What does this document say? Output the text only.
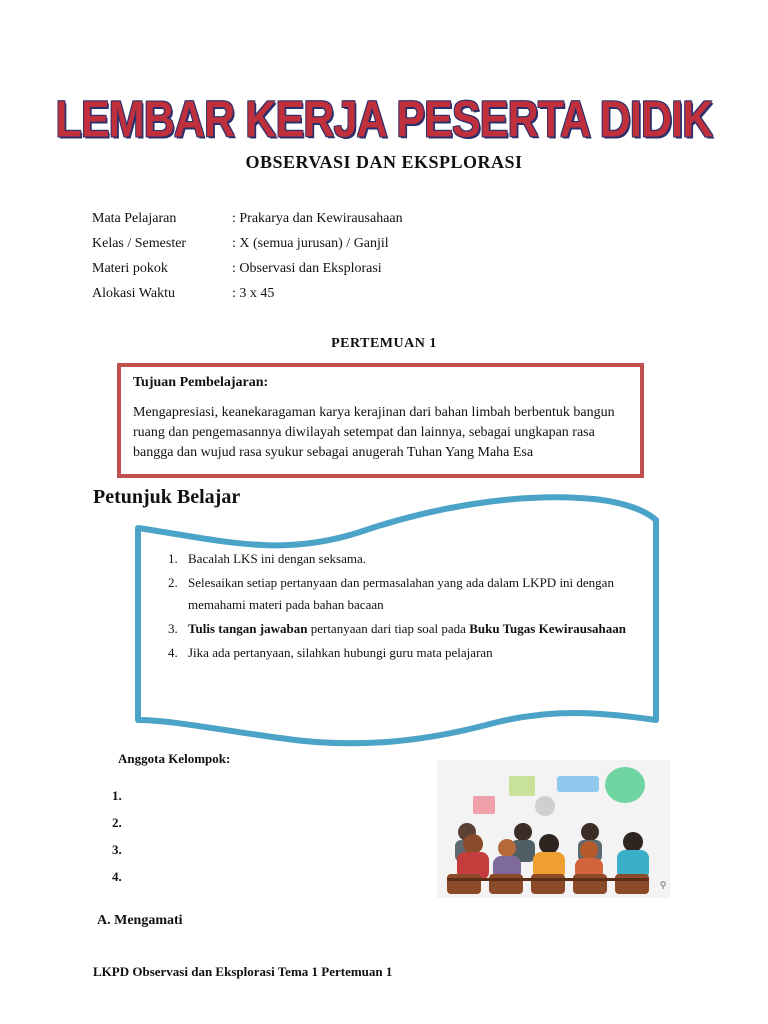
LEMBAR KERJA PESERTA DIDIK
OBSERVASI DAN EKSPLORASI
Mata Pelajaran	: Prakarya dan Kewirausahaan
Kelas / Semester	: X (semua jurusan) / Ganjil
Materi pokok	: Observasi dan Eksplorasi
Alokasi Waktu	: 3 x 45
PERTEMUAN 1
Tujuan Pembelajaran:
Mengapresiasi, keanekaragaman karya kerajinan dari bahan limbah berbentuk bangun ruang dan pengemasannya diwilayah setempat dan lainnya, sebagai ungkapan rasa bangga dan wujud rasa syukur sebagai anugerah Tuhan Yang Maha Esa
Petunjuk Belajar
1. Bacalah LKS ini dengan seksama.
2. Selesaikan setiap pertanyaan dan permasalahan yang ada dalam LKPD ini dengan memahami materi pada bahan bacaan
3. Tulis tangan jawaban pertanyaan dari tiap soal pada Buku Tugas Kewirausahaan
4. Jika ada pertanyaan, silahkan hubungi guru mata pelajaran
Anggota Kelompok:
1.
2.
3.
4.
⚲
A. Mengamati
LKPD Observasi dan Eksplorasi Tema 1 Pertemuan 1
